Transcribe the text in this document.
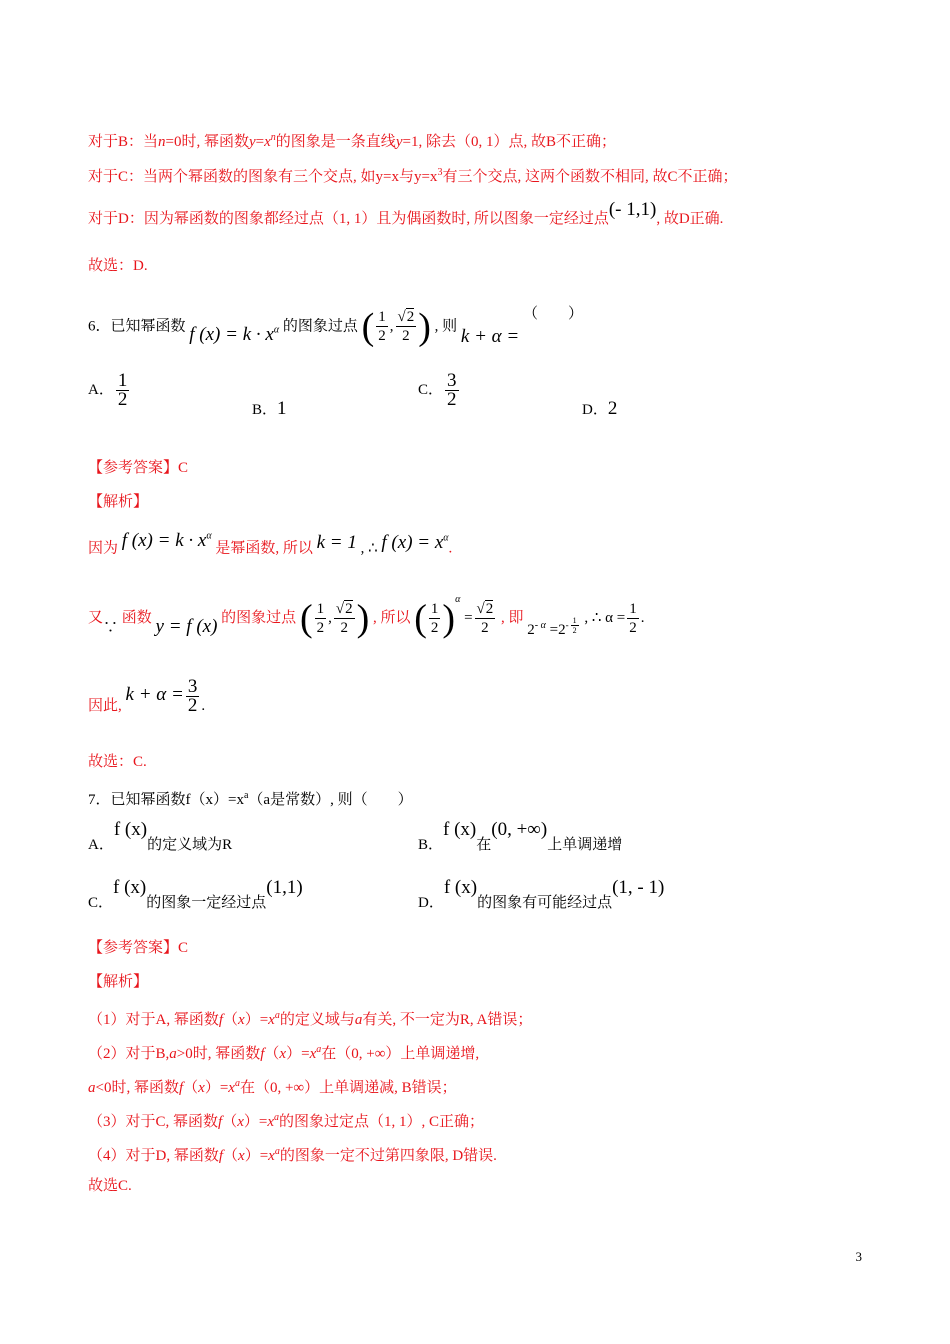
对于B：当n=0时, 幂函数$y=x^n$的图象是一条直线y=1, 除去（0, 1）点, 故B不正确；
对于C：当两个幂函数的图象有三个交点, 如y=x与$y=x^3$有三个交点, 这两个函数不相同, 故C不正确；
对于D：因为幂函数的图象都经过点（1, 1）且为偶函数时, 所以图象一定经过点(- 1,1), 故D正确.
故选：D.
6．已知幂函数 f $(x) = k \cdot x^\alpha$ 的图象过点 ( $\frac{1}{2}$ , $\frac{√2}{2}$ ) , 则 k + α = （　　）
A． $\frac{1}{2}$
B．1
C． $\frac{3}{2}$
D．2
【参考答案】C
【解析】
因为 f $(x) = k \cdot x^\alpha$ 是幂函数, 所以 k = 1 , ∴ f $(x) = x^\alpha$.
又∵ 函数 y = f (x) 的图象过点 ( $\frac{1}{2}$ , $\frac{√2}{2}$ ) , 所以 ( $\frac{1}{2} )^\alpha = \frac{√2}{2}$ , 即 $2^{- \alpha} =2^{- \frac{1}{2}}$ , ∴ $\alpha = \frac{1}{2}$ .
因此, $k + \alpha = \frac{3}{2}$ .
故选：C.
7．已知幂函数$f(x)=x^a(a$是常数）, 则（　　）
A．f (x)的定义域为R	B．f (x)在(0, +∞)上单调递增
C．f (x)的图象一定经过点(1,1)
D．f (x)的图象有可能经过点(1, - 1)
【参考答案】C
【解析】
（1）对于A, 幂函数$f(x)=x^a$的定义域与a有关, 不一定为R, A错误；
（2）对于B,a>0时, 幂函数$f(x)=x^a$在（0, +∞）上单调递增,
a<0时, 幂函数$f(x)=x^a$在（0, +∞）上单调递减, B错误；
（3）对于C, 幂函数$f(x)=x^a$的图象过定点（1, 1）, C正确；
（4）对于D, 幂函数$f(x)=x^a$的图象一定不过第四象限, D错误.
故选C.
3
